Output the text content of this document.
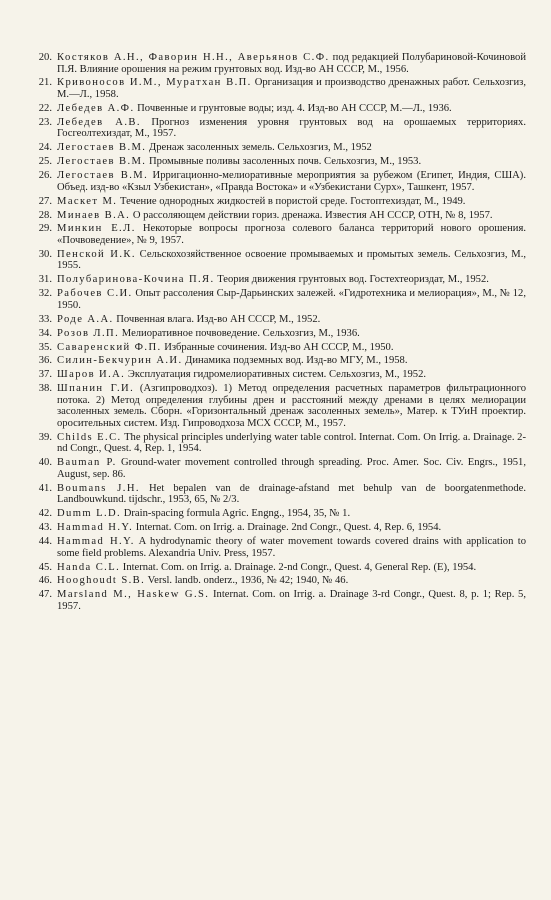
20. Костяков А.Н., Фаворин Н.Н., Аверьянов С.Ф. под редакцией Полубариновой-Кочиновой П.Я. Влияние орошения на режим грунтовых вод. Изд-во АН СССР, М., 1956.
21. Кривоносов И.М., Муратхан В.П. Организация и производство дренажных работ. Сельхозгиз, М.—Л., 1958.
22. Лебедев А.Ф. Почвенные и грунтовые воды; изд. 4. Изд-во АН СССР, М.—Л., 1936.
23. Лебедев А.В. Прогноз изменения уровня грунтовых вод на орошаемых территориях. Госгеолтехиздат, М., 1957.
24. Легостаев В.М. Дренаж засоленных земель. Сельхозгиз, М., 1952
25. Легостаев В.М. Промывные поливы засоленных почв. Сельхозгиз, М., 1953.
26. Легостаев В.М. Ирригационно-мелиоративные мероприятия за рубежом (Египет, Индия, США). Объед. изд-во «Кзыл Узбекистан», «Правда Востока» и «Узбекистани Сурх», Ташкент, 1957.
27. Маскет М. Течение однородных жидкостей в пористой среде. Гостоптехиздат, М., 1949.
28. Минаев В.А. О рассоляющем действии гориз. дренажа. Известия АН СССР, ОТН, № 8, 1957.
29. Минкин Е.Л. Некоторые вопросы прогноза солевого баланса территорий нового орошения. «Почвоведение», № 9, 1957.
30. Пенской И.К. Сельскохозяйственное освоение промываемых и промытых земель. Сельхозгиз, М., 1955.
31. Полубаринова-Кочина П.Я. Теория движения грунтовых вод. Гостехтеориздат, М., 1952.
32. Рабочев С.И. Опыт рассоления Сыр-Дарьинских залежей. «Гидротехника и мелиорация», М., № 12, 1950.
33. Роде А.А. Почвенная влага. Изд-во АН СССР, М., 1952.
34. Розов Л.П. Мелиоративное почвоведение. Сельхозгиз, М., 1936.
35. Саваренский Ф.П. Избранные сочинения. Изд-во АН СССР, М., 1950.
36. Силин-Бекчурин А.И. Динамика подземных вод. Изд-во МГУ, М., 1958.
37. Шаров И.А. Эксплуатация гидромелиоративных систем. Сельхозгиз, М., 1952.
38. Шпанин Г.И. (Азгипроводхоз). 1) Метод определения расчетных параметров фильтрационного потока. 2) Метод определения глубины дрен и расстояний между дренами в целях мелиорации засоленных земель. Сборн. «Горизонтальный дренаж засоленных земель», Матер. к ТУиН проектир. оросительных систем. Изд. Гипроводхоза МСХ СССР, М., 1957.
39. Childs E.C. The physical principles underlying water table control. Internat. Com. On Irrig. a. Drainage. 2-nd Congr., Quest. 4, Rep. 1, 1954.
40. Bauman P. Ground-water movement controlled through spreading. Proc. Amer. Soc. Civ. Engrs., 1951, August, sep. 86.
41. Boumans J.H. Het bepalen van de drainage-afstand met behulp van de boorgatenmethode. Landbouwkund. tijdschr., 1953, 65, № 2/3.
42. Dumm L.D. Drain-spacing formula Agric. Engng., 1954, 35, № 1.
43. Hammad H.Y. Internat. Com. on Irrig. a. Drainage. 2nd Congr., Quest. 4, Rep. 6, 1954.
44. Hammad H.Y. A hydrodynamic theory of water movement towards covered drains with application to some field problems. Alexandria Univ. Press, 1957.
45. Handa C.L. Internat. Com. on Irrig. a. Drainage. 2-nd Congr., Quest. 4, General Rep. (E), 1954.
46. Hooghoudt S.B. Versl. landb. onderz., 1936, № 42; 1940, № 46.
47. Marsland M., Haskew G.S. Internat. Com. on Irrig. a. Drainage 3-rd Congr., Quest. 8, p. 1; Rep. 5, 1957.
